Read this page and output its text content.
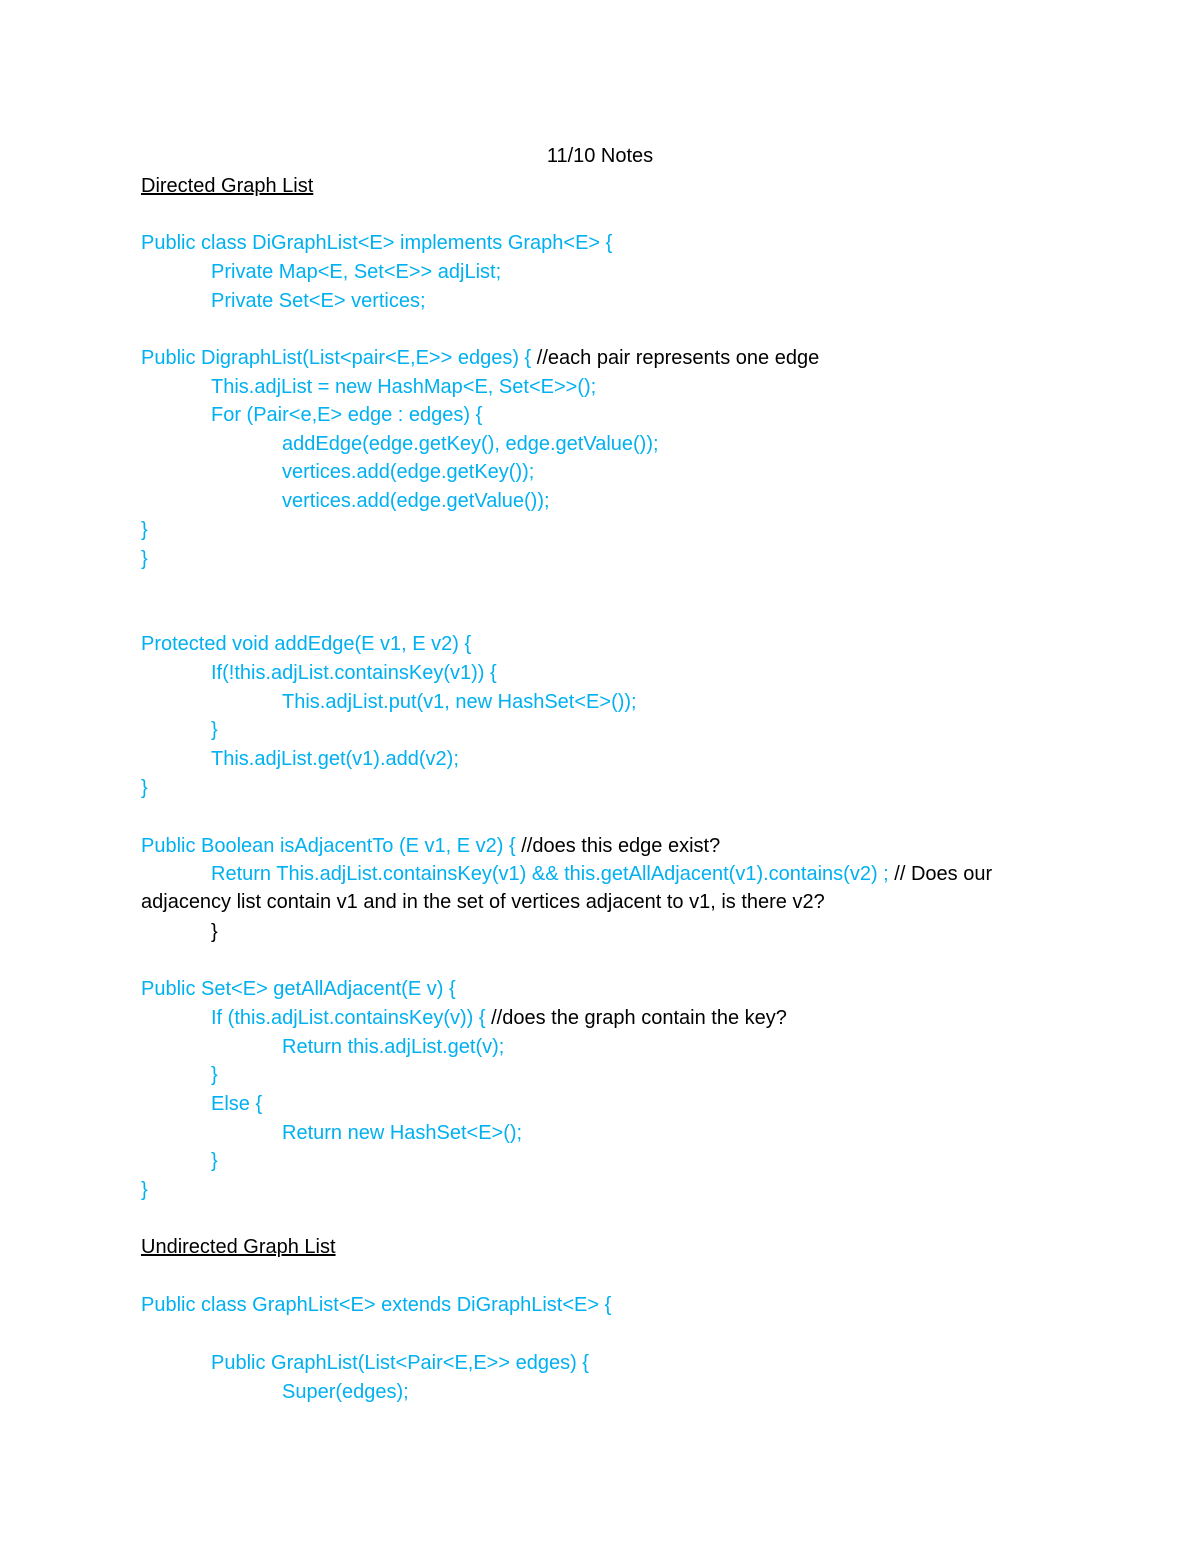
11/10 Notes
Directed Graph List
Public class DiGraphList<E> implements Graph<E> {
Private Map<E, Set<E>> adjList;
Private Set<E> vertices;
Public DigraphList(List<pair<E,E>> edges) { //each pair represents one edge
This.adjList = new HashMap<E, Set<E>>();
For (Pair<e,E> edge : edges) {
addEdge(edge.getKey(), edge.getValue());
vertices.add(edge.getKey());
vertices.add(edge.getValue());
}
}
Protected void addEdge(E v1, E v2) {
If(!this.adjList.containsKey(v1)) {
This.adjList.put(v1, new HashSet<E>());
}
This.adjList.get(v1).add(v2);
}
Public Boolean isAdjacentTo (E v1, E v2) { //does this edge exist?
Return This.adjList.containsKey(v1) && this.getAllAdjacent(v1).contains(v2) ; // Does our
adjacency list contain v1 and in the set of vertices adjacent to v1, is there v2?
}
Public Set<E> getAllAdjacent(E v) {
If (this.adjList.containsKey(v)) { //does the graph contain the key?
Return this.adjList.get(v);
}
Else {
Return new HashSet<E>();
}
}
Undirected Graph List
Public class GraphList<E> extends DiGraphList<E> {
Public GraphList(List<Pair<E,E>> edges) {
Super(edges);
